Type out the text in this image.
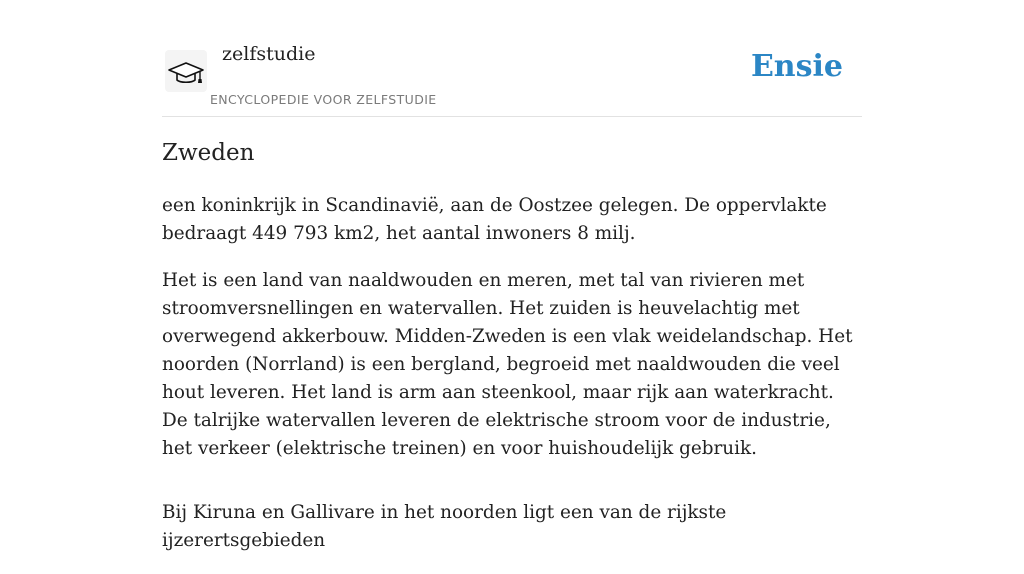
zelfstudie
ENCYCLOPEDIE VOOR ZELFSTUDIE
Ensie
Zweden

een koninkrijk in Scandinavië, aan de Oostzee gelegen. De oppervlakte bedraagt 449 793 km2, het aantal inwoners 8 milj.

Het is een land van naaldwouden en meren, met tal van rivieren met stroomversnellingen en watervallen. Het zuiden is heuvelachtig met overwegend akkerbouw. Midden-Zweden is een vlak weidelandschap. Het noorden (Norrland) is een bergland, begroeid met naaldwouden die veel hout leveren. Het land is arm aan steenkool, maar rijk aan waterkracht. De talrijke watervallen leveren de elektrische stroom voor de industrie, het verkeer (elektrische treinen) en voor huishoudelijk gebruik.

Bij Kiruna en Gallivare in het noorden ligt een van de rijkste ijzerertsgebieden
